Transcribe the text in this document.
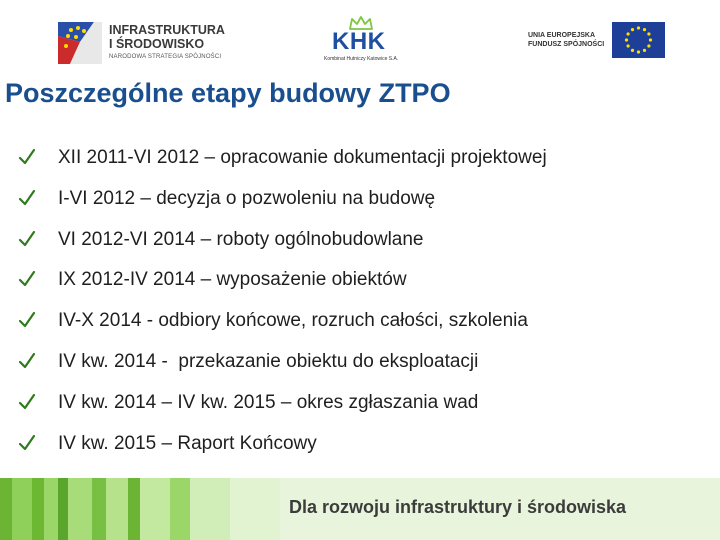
INFRASTRUKTURA
I ŚRODOWISKO
NARODOWA STRATEGIA SPÓJNOŚCI
KHK
Kombinat Hutniczy Katowice S.A.
UNIA EUROPEJSKA
FUNDUSZ SPÓJNOŚCI
Poszczególne etapy budowy ZTPO
XII 2011-VI 2012 – opracowanie dokumentacji projektowej
I-VI 2012 – decyzja o pozwoleniu na budowę
VI 2012-VI 2014 – roboty ogólnobudowlane
IX 2012-IV 2014 – wyposażenie obiektów
IV-X 2014 - odbiory końcowe, rozruch całości, szkolenia
IV kw. 2014 -  przekazanie obiektu do eksploatacji
IV kw. 2014 – IV kw. 2015 – okres zgłaszania wad
IV kw. 2015 – Raport Końcowy
Dla rozwoju infrastruktury i środowiska
